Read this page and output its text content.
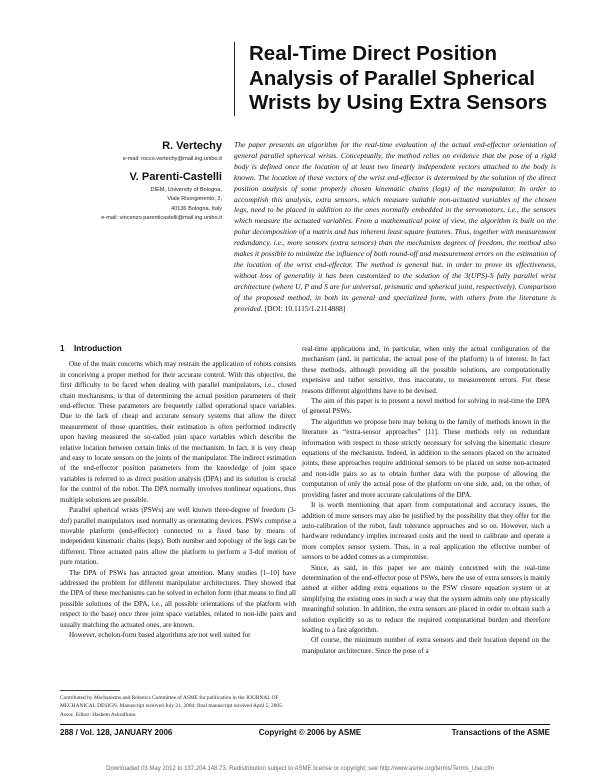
Real-Time Direct Position

Analysis of Parallel Spherical

Wrists by Using Extra Sensors

R. Vertechy

e-mail: rocco.vertechy@mail.ing.unibo.it

V. Parenti-Castelli

DIEM, University of Bologna,
Viale Risorgimento, 2,
40136 Bologna, Italy
e-mail: vincenzo.parenticastelli@mail.ing.unibo.it
The paper presents an algorithm for the real-time evaluation of the actual end-effector orientation of general parallel spherical wrists. Conceptually, the method relies on evidence that the pose of a rigid body is defined once the location of at least two linearly independent vectors attached to the body is known. The location of these vectors of the wrist end-effector is determined by the solution of the direct position analysis of some properly chosen kinematic chains (legs) of the manipulator. In order to accomplish this analysis, extra sensors, which measure suitable non-actuated variables of the chosen legs, need to be placed in addition to the ones normally embedded in the servomotors, i.e., the sensors which measure the actuated variables. From a mathematical point of view, the algorithm is built on the polar decomposition of a matrix and has inherent least square features. Thus, together with measurement redundancy, i.e., more sensors (extra sensors) than the mechanism degrees of freedom, the method also makes it possible to minimize the influence of both round-off and measurement errors on the estimation of the location of the wrist end-effector. The method is general but, in order to prove its effectiveness, without loss of generality it has been customized to the solution of the 3(UPS)-S fully parallel wrist architecture (where U, P and S are for universal, prismatic and spherical joint, respectively). Comparison of the proposed method, in both its general and specialized form, with others from the literature is provided. [DOI: 10.1115/1.2114888]
1 Introduction

One of the main concerns which may restrain the application of robots consists in conceiving a proper method for their accurate control. With this objective, the first difficulty to be faced when dealing with parallel manipulators, i.e., closed chain mechanisms, is that of determining the actual position parameters of their end-effector. These parameters are frequently called operational space variables. Due to the lack of cheap and accurate sensory systems that allow the direct measurement of those quantities, their estimation is often performed indirectly upon having measured the so-called joint space variables which describe the relative location between certain links of the mechanism. In fact, it is very cheap and easy to locate sensors on the joints of the manipulator. The indirect estimation of the end-effector position parameters from the knowledge of joint space variables is referred to as direct position analysis (DPA) and its solution is crucial for the control of the robot. The DPA normally involves nonlinear equations, thus multiple solutions are possible.

Parallel spherical wrists (PSWs) are well known three-degree of freedom (3-dof) parallel manipulators used normally as orientating devices. PSWs comprise a movable platform (end-effector) connected to a fixed base by means of independent kinematic chains (legs). Both number and topology of the legs can be different. Three actuated pairs allow the platform to perform a 3-dof motion of pure rotation.

The DPA of PSWs has attracted great attention. Many studies [1–10] have addressed the problem for different manipulator architectures. They showed that the DPA of these mechanisms can be solved in echelon form (that means to find all possible solutions of the DPA, i.e., all possible orientations of the platform with respect to the base) once three joint space variables, related to non-idle pairs and usually matching the actuated ones, are known.

However, echelon-form based algorithms are not well suited for

real-time applications and, in particular, when only the actual configuration of the mechanism (and, in particular, the actual pose of the platform) is of interest. In fact these methods, although providing all the possible solutions, are computationally expensive and rather sensitive, thus inaccurate, to measurement errors. For these reasons different algorithms have to be devised.

The aim of this paper is to present a novel method for solving in real-time the DPA of general PSWs.

The algorithm we propose here may belong to the family of methods known in the literature as “extra-sensor approaches” [11]. These methods rely on redundant information with respect to those strictly necessary for solving the kinematic closure equations of the mechanism. Indeed, in addition to the sensors placed on the actuated joints, these approaches require additional sensors to be placed on some non-actuated and non-idle pairs so as to obtain further data with the purpose of allowing the computation of only the actual pose of the platform on one side, and, on the other, of providing faster and more accurate calculations of the DPA.

It is worth mentioning that apart from computational and accuracy issues, the addition of more sensors may also be justified by the possibility that they offer for the auto-calibration of the robot, fault tolerance approaches and so on. However, such a hardware redundancy implies increased costs and the need to calibrate and operate a more complex sensor system. Thus, in a real application the effective number of sensors to be added comes as a compromise.

Since, as said, in this paper we are mainly concerned with the real-time determination of the end-effector pose of PSWs, here the use of extra sensors is mainly aimed at either adding extra equations to the PSW closure equation system or at simplifying the existing ones in such a way that the system admits only one physically meaningful solution. In addition, the extra sensors are placed in order to obtain such a solution explicitly so as to reduce the required computational burden and therefore leading to a fast algorithm.

Of course, the minimum number of extra sensors and their location depend on the manipulator architecture. Since the pose of a

Contributed by Mechanisms and Robotics Committee of ASME for publication in the JOURNAL OF MECHANICAL DESIGN. Manuscript received July 21, 2004; final manuscript received April 5, 2005. Assoc. Editor: Hashem Ashrafiuon.
288 / Vol. 128, JANUARY 2006	Copyright © 2006 by ASME	Transactions of the ASME
Downloaded 03 May 2012 to 137.204.148.73. Redistribution subject to ASME license or copyright; see http://www.asme.org/terms/Terms_Use.cfm
